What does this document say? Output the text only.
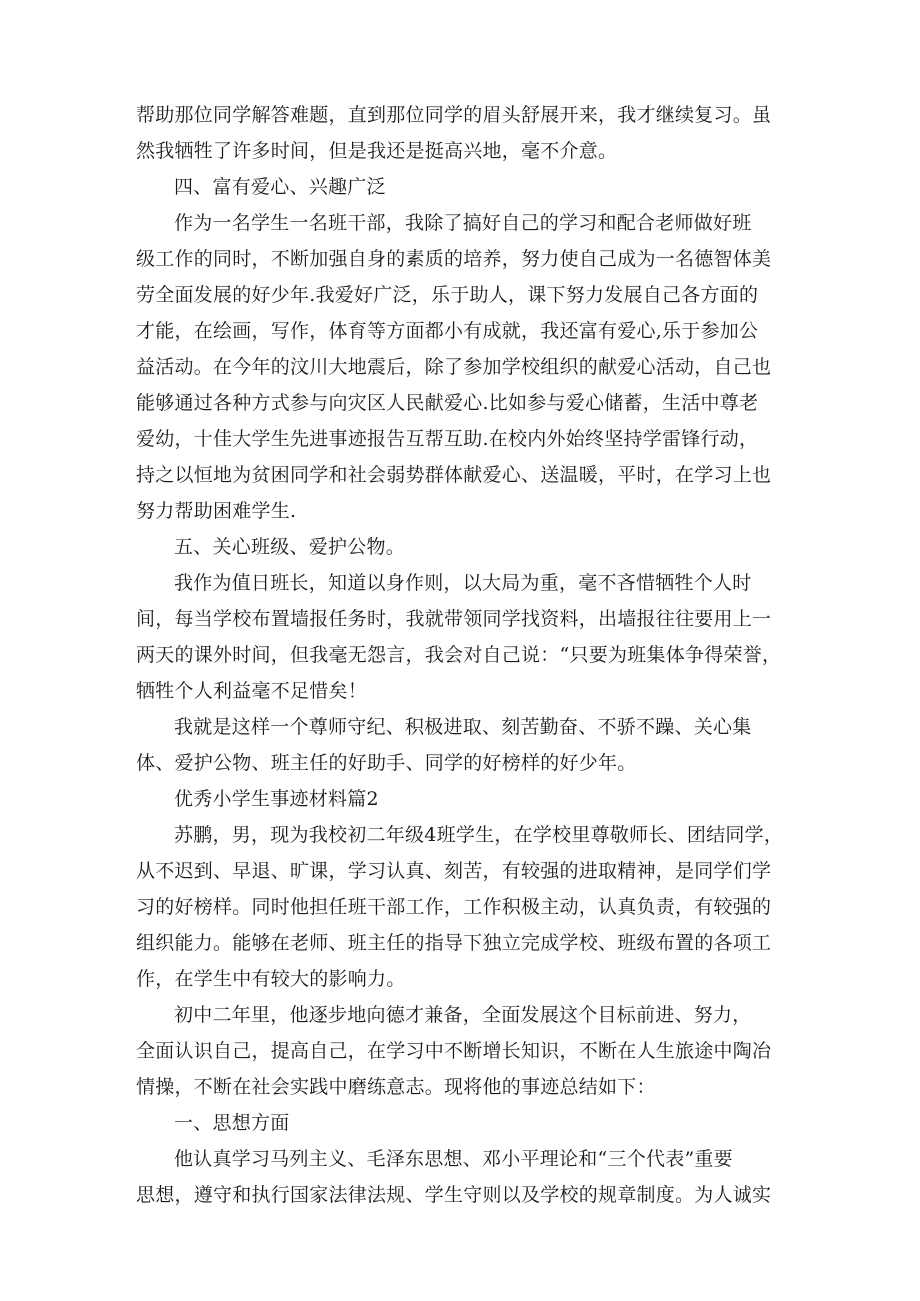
帮助那位同学解答难题，直到那位同学的眉头舒展开来，我才继续复习。虽
然我牺牲了许多时间，但是我还是挺高兴地，毫不介意。
四、富有爱心、兴趣广泛
作为一名学生一名班干部，我除了搞好自己的学习和配合老师做好班
级工作的同时，不断加强自身的素质的培养，努力使自己成为一名德智体美
劳全面发展的好少年.我爱好广泛，乐于助人，课下努力发展自己各方面的
才能，在绘画，写作，体育等方面都小有成就，我还富有爱心,乐于参加公
益活动。在今年的汶川大地震后，除了参加学校组织的献爱心活动，自己也
能够通过各种方式参与向灾区人民献爱心.比如参与爱心储蓄，生活中尊老
爱幼，十佳大学生先进事迹报告互帮互助.在校内外始终坚持学雷锋行动，
持之以恒地为贫困同学和社会弱势群体献爱心、送温暖，平时，在学习上也
努力帮助困难学生.
五、关心班级、爱护公物。
我作为值日班长，知道以身作则，以大局为重，毫不吝惜牺牲个人时
间，每当学校布置墙报任务时，我就带领同学找资料，出墙报往往要用上一
两天的课外时间，但我毫无怨言，我会对自己说：“只要为班集体争得荣誉，
牺牲个人利益毫不足惜矣！
我就是这样一个尊师守纪、积极进取、刻苦勤奋、不骄不躁、关心集
体、爱护公物、班主任的好助手、同学的好榜样的好少年。
优秀小学生事迹材料篇2
苏鹏，男，现为我校初二年级4班学生，在学校里尊敬师长、团结同学，
从不迟到、早退、旷课，学习认真、刻苦，有较强的进取精神，是同学们学
习的好榜样。同时他担任班干部工作，工作积极主动，认真负责，有较强的
组织能力。能够在老师、班主任的指导下独立完成学校、班级布置的各项工
作，在学生中有较大的影响力。
初中二年里，他逐步地向德才兼备，全面发展这个目标前进、努力，
全面认识自己，提高自己，在学习中不断增长知识，不断在人生旅途中陶冶
情操，不断在社会实践中磨练意志。现将他的事迹总结如下：
一、思想方面
他认真学习马列主义、毛泽东思想、邓小平理论和“三个代表”重要
思想，遵守和执行国家法律法规、学生守则以及学校的规章制度。为人诚实
